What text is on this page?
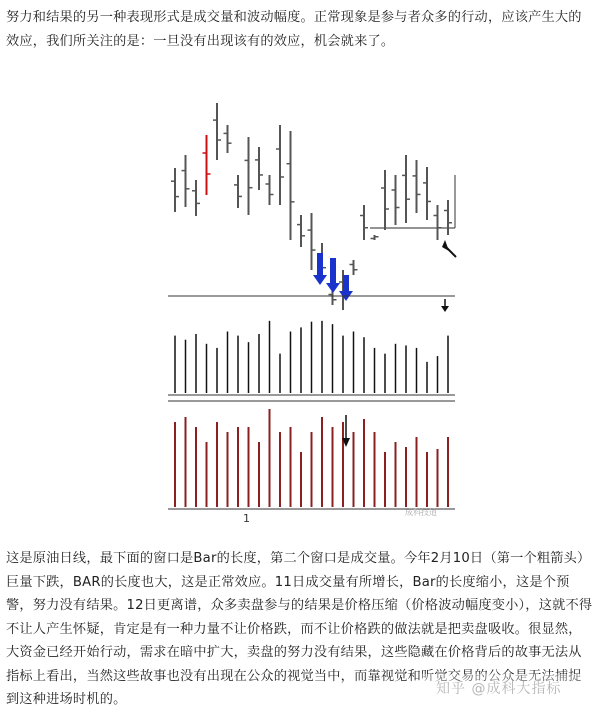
努力和结果的另一种表现形式是成交量和波动幅度。正常现象是参与者众多的行动，应该产生大的效应，我们所关注的是：一旦没有出现该有的效应，机会就来了。

1	成科技道

这是原油日线，最下面的窗口是Bar的长度，第二个窗口是成交量。今年2月10日（第一个粗箭头）巨量下跌，BAR的长度也大，这是正常效应。11日成交量有所增长，Bar的长度缩小，这是个预警，努力没有结果。12日更离谱，众多卖盘参与的结果是价格压缩（价格波动幅度变小），这就不得不让人产生怀疑，肯定是有一种力量不让价格跌，而不让价格跌的做法就是把卖盘吸收。很显然，大资金已经开始行动，需求在暗中扩大，卖盘的努力没有结果，这些隐藏在价格背后的故事无法从指标上看出，当然这些故事也没有出现在公众的视觉当中，而靠视觉和听觉交易的公众是无法捕捉到这种进场时机的。

知乎 @成科大指标
